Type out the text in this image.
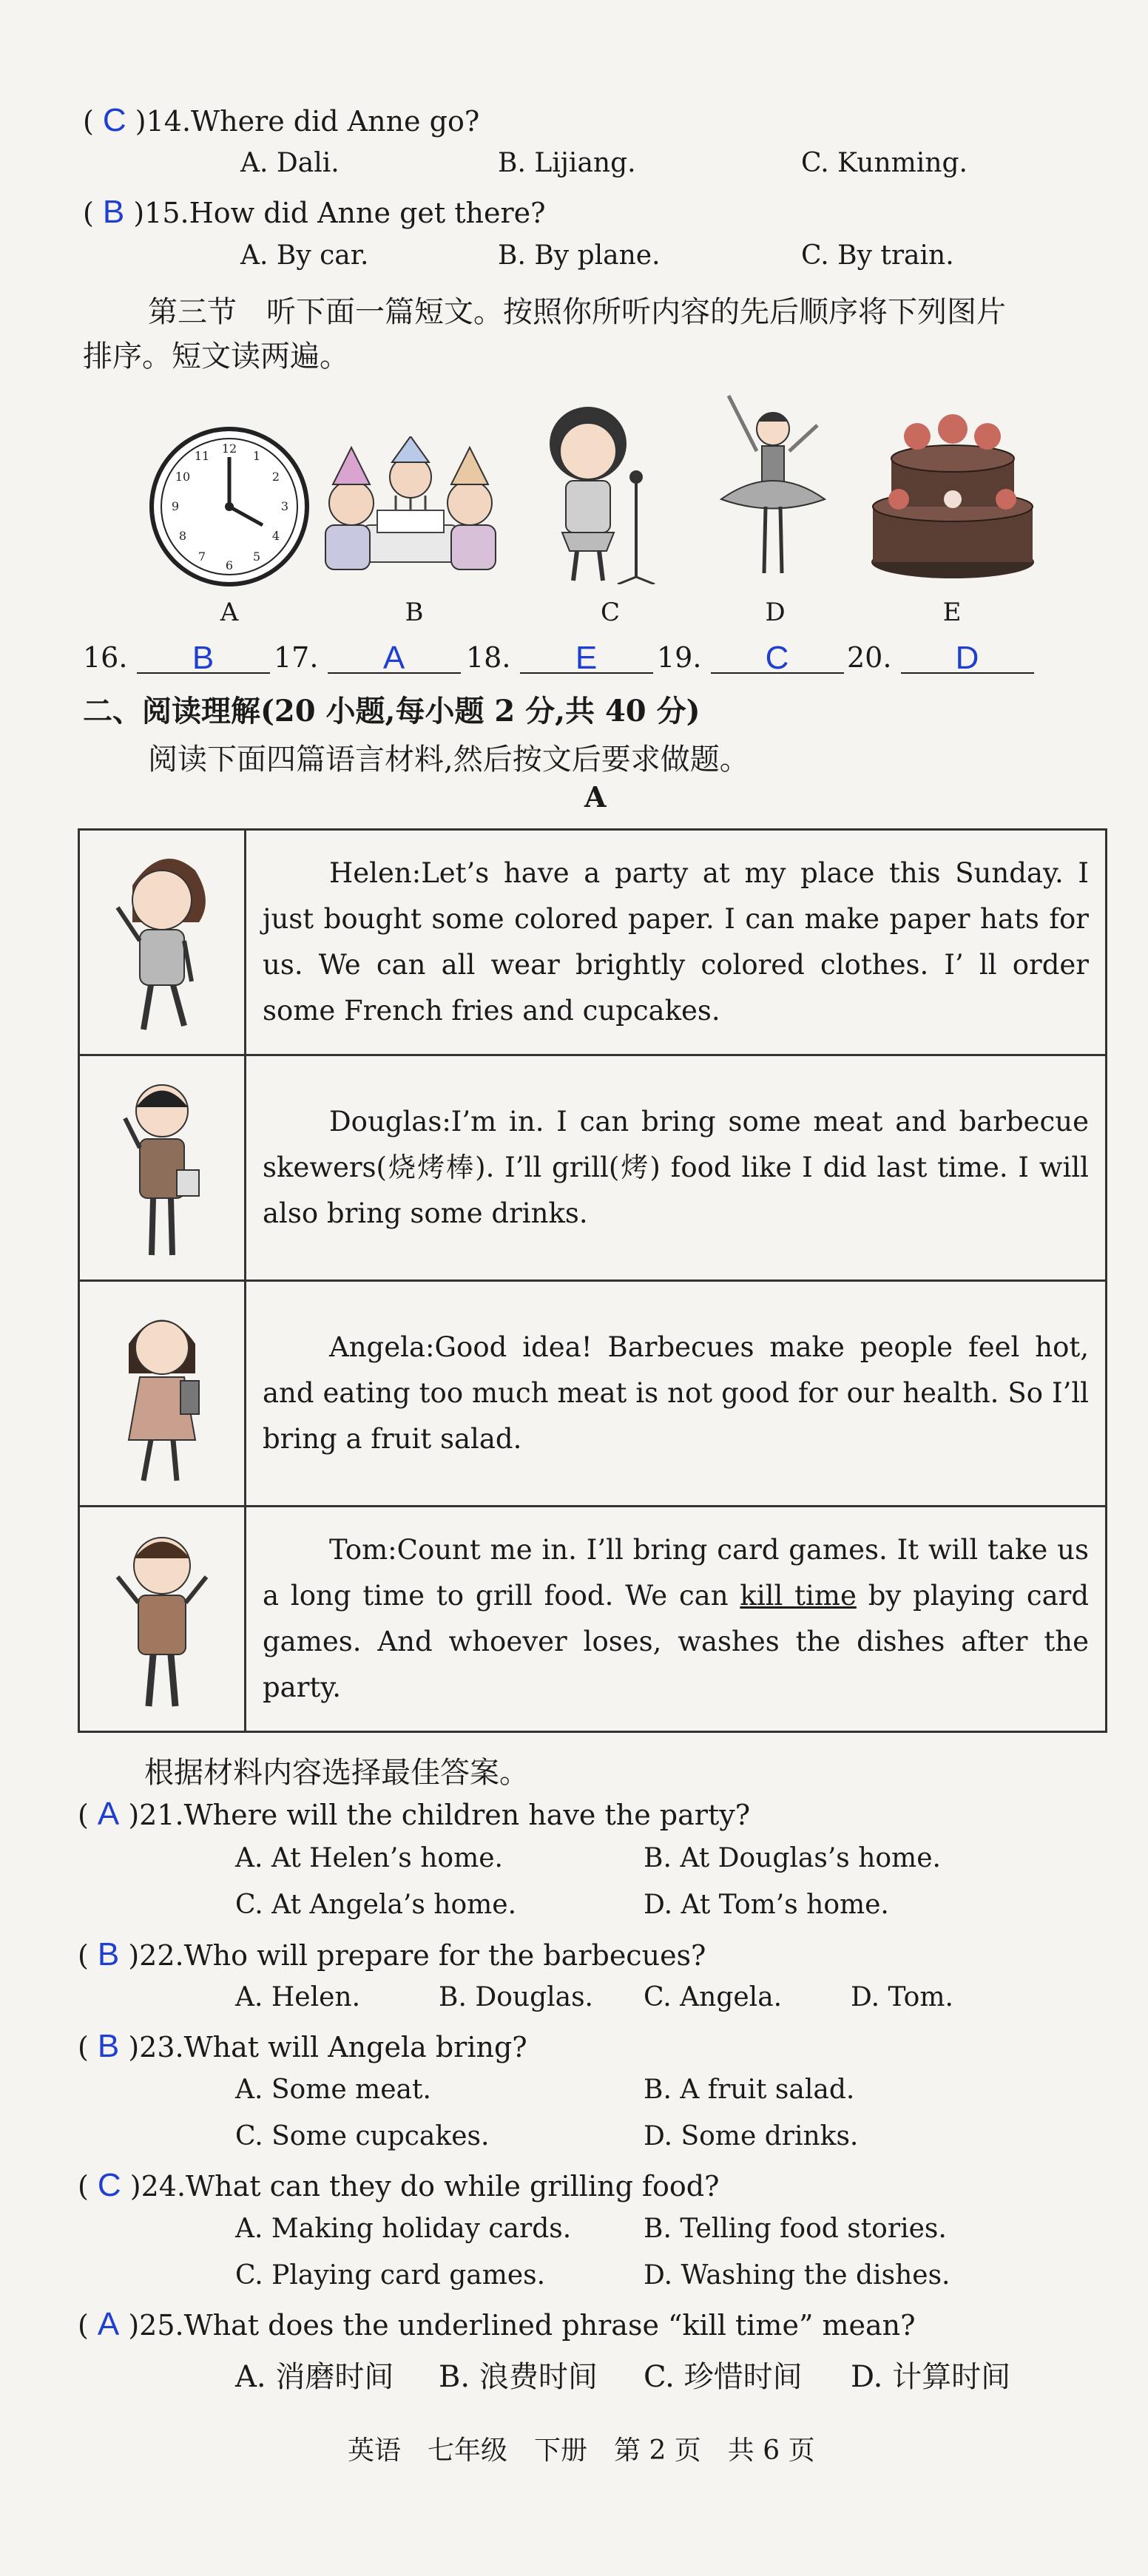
( C )14.Where did Anne go?
A. Dali.	B. Lijiang.	C. Kunming.
( B )15.How did Anne get there?
A. By car.	B. By plane.	C. By train.
第三节　听下面一篇短文。按照你所听内容的先后顺序将下列图片
排序。短文读两遍。
12
1
2
3
4
5
6
7
8
9
10
11
A	B	C	D	E
16. B	17. A	18. E	19. C	20. D
二、阅读理解(20 小题,每小题 2 分,共 40 分)
阅读下面四篇语言材料,然后按文后要求做题。
A
	Helen:Let’s have a party at my place this Sunday. I just bought some colored paper. I can make paper hats for us. We can all wear brightly colored clothes. I’ ll order some French fries and cupcakes.
	Douglas:I’m in. I can bring some meat and barbecue skewers(烧烤棒). I’ll grill(烤) food like I did last time. I will also bring some drinks.
	Angela:Good idea! Barbecues make people feel hot, and eating too much meat is not good for our health. So I’ll bring a fruit salad.
	Tom:Count me in. I’ll bring card games. It will take us a long time to grill food. We can kill time by playing card games. And whoever loses, washes the dishes after the party.
根据材料内容选择最佳答案。
( A )21.Where will the children have the party?
A. At Helen’s home.	B. At Douglas’s home.
C. At Angela’s home.	D. At Tom’s home.
( B )22.Who will prepare for the barbecues?
A. Helen.	B. Douglas. C. Angela.	D. Tom.
( B )23.What will Angela bring?
A. Some meat.	B. A fruit salad.
C. Some cupcakes.	D. Some drinks.
( C )24.What can they do while grilling food?
A. Making holiday cards.	B. Telling food stories.
C. Playing card games.	D. Washing the dishes.
( A )25.What does the underlined phrase “kill time” mean?
A. 消磨时间 B. 浪费时间 C. 珍惜时间 D. 计算时间
英语　七年级　下册　第 2 页　共 6 页
